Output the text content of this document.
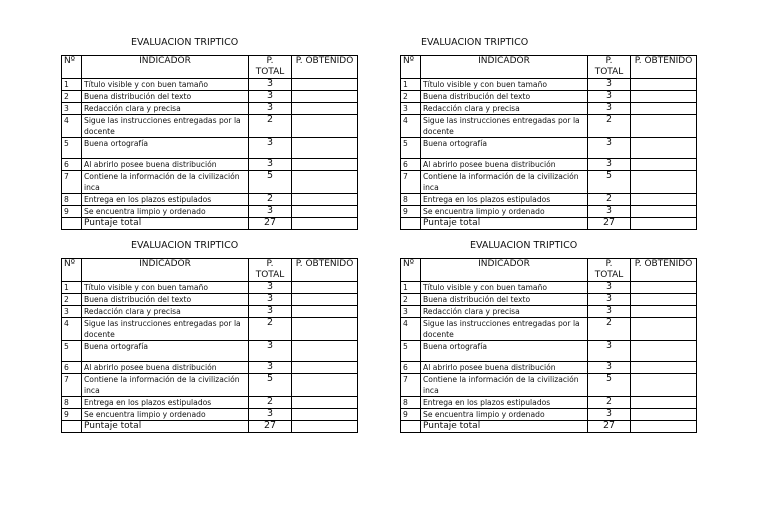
EVALUACION TRIPTICO
Nº	INDICADOR	P. TOTAL	P. OBTENIDO
1	Título visible y con buen tamaño	3	
2	Buena distribución del texto	3	
3	Redacción clara y precisa	3	
4	Sigue las instrucciones entregadas por la docente	2	
5	Buena ortografía	3	
6	Al abrirlo posee buena distribución	3	
7	Contiene la información de la civilización inca	5	
8	Entrega en los plazos estipulados	2	
9	Se encuentra limpio y ordenado	3	
	Puntaje total	27	
EVALUACION TRIPTICO
Nº	INDICADOR	P. TOTAL	P. OBTENIDO
1	Título visible y con buen tamaño	3	
2	Buena distribución del texto	3	
3	Redacción clara y precisa	3	
4	Sigue las instrucciones entregadas por la docente	2	
5	Buena ortografía	3	
6	Al abrirlo posee buena distribución	3	
7	Contiene la información de la civilización inca	5	
8	Entrega en los plazos estipulados	2	
9	Se encuentra limpio y ordenado	3	
	Puntaje total	27	
EVALUACION TRIPTICO
Nº	INDICADOR	P. TOTAL	P. OBTENIDO
1	Título visible y con buen tamaño	3	
2	Buena distribución del texto	3	
3	Redacción clara y precisa	3	
4	Sigue las instrucciones entregadas por la docente	2	
5	Buena ortografía	3	
6	Al abrirlo posee buena distribución	3	
7	Contiene la información de la civilización inca	5	
8	Entrega en los plazos estipulados	2	
9	Se encuentra limpio y ordenado	3	
	Puntaje total	27	
EVALUACION TRIPTICO
Nº	INDICADOR	P. TOTAL	P. OBTENIDO
1	Título visible y con buen tamaño	3	
2	Buena distribución del texto	3	
3	Redacción clara y precisa	3	
4	Sigue las instrucciones entregadas por la docente	2	
5	Buena ortografía	3	
6	Al abrirlo posee buena distribución	3	
7	Contiene la información de la civilización inca	5	
8	Entrega en los plazos estipulados	2	
9	Se encuentra limpio y ordenado	3	
	Puntaje total	27	
